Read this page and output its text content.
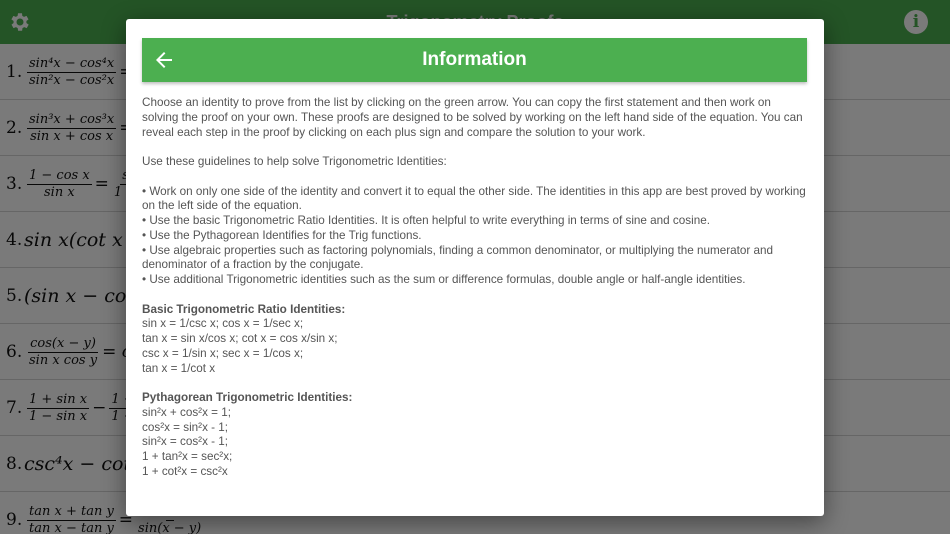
Information

Choose an identity to prove from the list by clicking on the green arrow. You can copy the first statement and then work on solving the proof on your own. These proofs are designed to be solved by working on the left hand side of the equation. You can reveal each step in the proof by clicking on each plus sign and compare the solution to your work.

Use these guidelines to help solve Trigonometric Identities:

• Work on only one side of the identity and convert it to equal the other side. The identities in this app are best proved by working on the left side of the equation.

• Use the basic Trigonometric Ratio Identities. It is often helpful to write everything in terms of sine and cosine.

• Use the Pythagorean Identifies for the Trig functions.

• Use algebraic properties such as factoring polynomials, finding a common denominator, or multiplying the numerator and denominator of a fraction by the conjugate.

• Use additional Trigonometric identities such as the sum or difference formulas, double angle or half-angle identities.

Basic Trigonometric Ratio Identities:

sin x = 1/csc x; cos x = 1/sec x;

tan x = sin x/cos x; cot x = cos x/sin x;

csc x = 1/sin x; sec x = 1/cos x;

tan x = 1/cot x

Pythagorean Trigonometric Identities:

sin²x + cos²x = 1;

cos²x = sin²x - 1;

sin²x = cos²x - 1;

1 + tan²x = sec²x;

1 + cot²x = csc²x
